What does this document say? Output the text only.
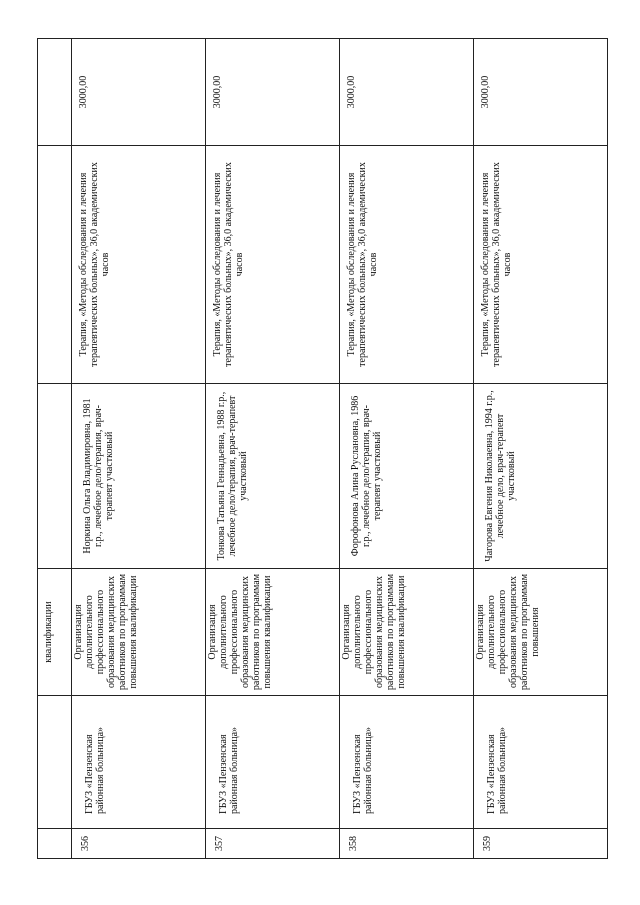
		квалификации			
356	ГБУЗ «Пензенская районная больница»	Организация дополнительного профессионального образования медицинских работников по программам повышения квалификации	Норкина Ольга Владимировна, 1981 г.р., лечебное дело/терапия, врач-терапевт участковый	Терапия, «Методы обследования и лечения терапевтических больных», 36,0 академических часов	3000,00
357	ГБУЗ «Пензенская районная больница»	Организация дополнительного профессионального образования медицинских работников по программам повышения квалификации	Тонкова Татьяна Геннадьевна, 1988 г.р., лечебное дело/терапия, врач-терапевт участковый	Терапия, «Методы обследования и лечения терапевтических больных», 36,0 академических часов	3000,00
358	ГБУЗ «Пензенская районная больница»	Организация дополнительного профессионального образования медицинских работников по программам повышения квалификации	Форофонова Алина Руслановна, 1986 г.р., лечебное дело/терапия, врач-терапевт участковый	Терапия, «Методы обследования и лечения терапевтических больных», 36,0 академических часов	3000,00
359	ГБУЗ «Пензенская районная больница»	Организация дополнительного профессионального образования медицинских работников по программам повышения	Чагорова Евгения Николаевна, 1994 г.р., лечебное дело, врач-терапевт участковый	Терапия, «Методы обследования и лечения терапевтических больных», 36,0 академических часов	3000,00
